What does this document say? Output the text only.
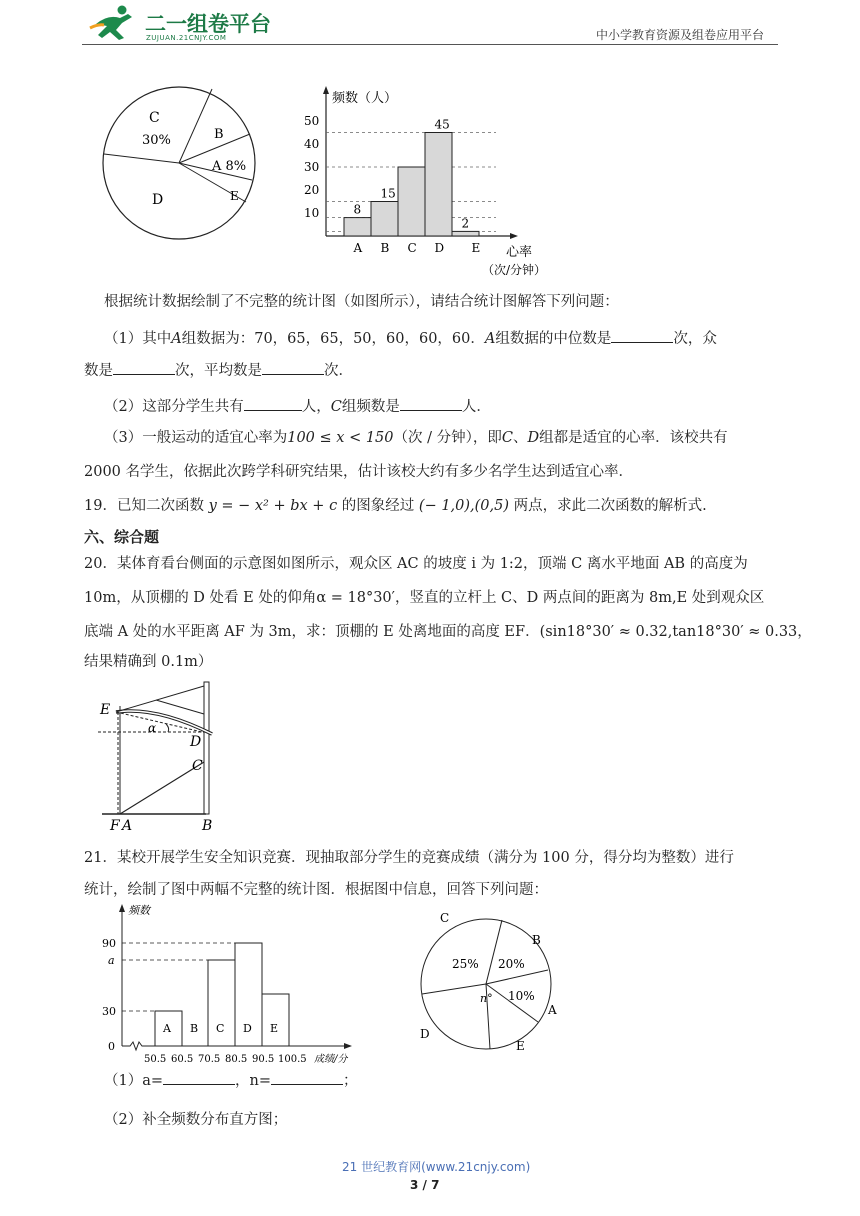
二一组卷平台
ZUJUAN.21CNJY.COM	中小学教育资源及组卷应用平台
C
30%	B
A 8%
E
D
频数（人）
50
40
30
20
10	8
A
15
B C
45
D
2
E 心率
（次/分钟）
根据统计数据绘制了不完整的统计图（如图所示），请结合统计图解答下列问题：
（1）其中A组数据为：70，65，65，50，60，60，60．A组数据的中位数是	次，众
数是	次，平均数是	次．
（2）这部分学生共有	人，C组频数是	人．
（3）一般运动的适宜心率为100 ≤ x < 150（次 / 分钟），即C、D组都是适宜的心率．该校共有
2000 名学生，依据此次跨学科研究结果，估计该校大约有多少名学生达到适宜心率．
19．已知二次函数 y = − x² + bx + c 的图象经过 (− 1,0),(0,5) 两点，求此二次函数的解析式.
六、综合题
20．某体育看台侧面的示意图如图所示，观众区 AC 的坡度 i 为 1:2，顶端 C 离水平地面 AB 的高度为
10m，从顶棚的 D 处看 E 处的仰角α = 18°30′，竖直的立杆上 C、D 两点间的距离为 8m,E 处到观众区
底端 A 处的水平距离 AF 为 3m，求：顶棚的 E 处离地面的高度 EF．(sin18°30′ ≈ 0.32,tan18°30′ ≈ 0.33，
结果精确到 0.1m）
E
α
D
C
F A	B
21．某校开展学生安全知识竞赛．现抽取部分学生的竞赛成绩（满分为 100 分，得分均为整数）进行
统计，绘制了图中两幅不完整的统计图．根据图中信息，回答下列问题：
频数
90
a
30
0
A B C D E
50.5 60.5 70.5 80.5 90.5 100.5 成绩/分
C
B
25% 20%
10%
n°
A
D
E
（1）a=	，n=	；
（2）补全频数分布直方图；
21 世纪教育网(www.21cnjy.com)
3 / 7
